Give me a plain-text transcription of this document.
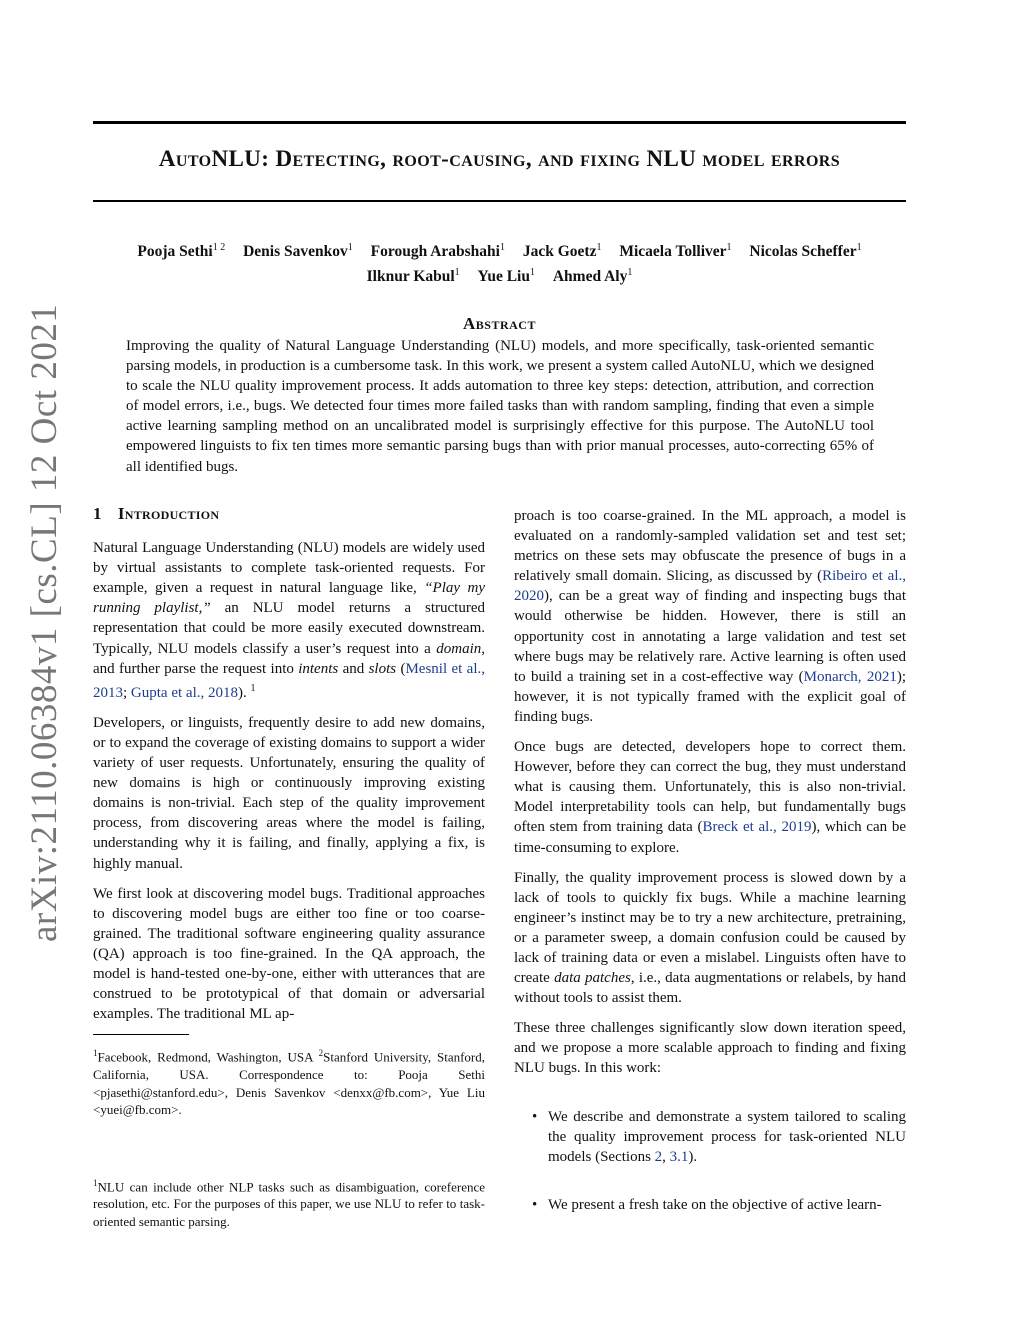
arXiv:2110.06384v1 [cs.CL] 12 Oct 2021
AutoNLU: Detecting, root-causing, and fixing NLU model errors
Pooja Sethi$^{1 2}$ Denis Savenkov$^1$ Forough Arabshahi$^1$ Jack Goetz$^1$ Micaela Tolliver$^1$ Nicolas Scheffer$^1$
Ilknur Kabul$^1$ Yue Liu$^1$ Ahmed Aly$^1$
Abstract
Improving the quality of Natural Language Understanding (NLU) models, and more specifically, task-oriented semantic parsing models, in production is a cumbersome task. In this work, we present a system called AutoNLU, which we designed to scale the NLU quality improvement process. It adds automation to three key steps: detection, attribution, and correction of model errors, i.e., bugs. We detected four times more failed tasks than with random sampling, finding that even a simple active learning sampling method on an uncalibrated model is surprisingly effective for this purpose. The AutoNLU tool empowered linguists to fix ten times more semantic parsing bugs than with prior manual processes, auto-correcting 65% of all identified bugs.
1 Introduction

Natural Language Understanding (NLU) models are widely used by virtual assistants to complete task-oriented requests. For example, given a request in natural language like, “Play my running playlist,” an NLU model returns a structured representation that could be more easily executed downstream. Typically, NLU models classify a user’s request into a domain, and further parse the request into intents and slots (Mesnil et al., 2013; Gupta et al., 2018). $^1$

Developers, or linguists, frequently desire to add new domains, or to expand the coverage of existing domains to support a wider variety of user requests. Unfortunately, ensuring the quality of new domains is high or continuously improving existing domains is non-trivial. Each step of the quality improvement process, from discovering areas where the model is failing, understanding why it is failing, and finally, applying a fix, is highly manual.

We first look at discovering model bugs. Traditional approaches to discovering model bugs are either too fine or too coarse-grained. The traditional software engineering quality assurance (QA) approach is too fine-grained. In the QA approach, the model is hand-tested one-by-one, either with utterances that are construed to be prototypical of that domain or adversarial examples. The traditional ML ap-

$^1$Facebook, Redmond, Washington, USA $^2$Stanford University, Stanford, California, USA. Correspondence to: Pooja Sethi <pjasethi@stanford.edu>, Denis Savenkov <denxx@fb.com>, Yue Liu <yuei@fb.com>.

$^1$NLU can include other NLP tasks such as disambiguation, coreference resolution, etc. For the purposes of this paper, we use NLU to refer to task-oriented semantic parsing.

proach is too coarse-grained. In the ML approach, a model is evaluated on a randomly-sampled validation set and test set; metrics on these sets may obfuscate the presence of bugs in a relatively small domain. Slicing, as discussed by (Ribeiro et al., 2020), can be a great way of finding and inspecting bugs that would otherwise be hidden. However, there is still an opportunity cost in annotating a large validation and test set where bugs may be relatively rare. Active learning is often used to build a training set in a cost-effective way (Monarch, 2021); however, it is not typically framed with the explicit goal of finding bugs.

Once bugs are detected, developers hope to correct them. However, before they can correct the bug, they must understand what is causing them. Unfortunately, this is also non-trivial. Model interpretability tools can help, but fundamentally bugs often stem from training data (Breck et al., 2019), which can be time-consuming to explore.

Finally, the quality improvement process is slowed down by a lack of tools to quickly fix bugs. While a machine learning engineer’s instinct may be to try a new architecture, pretraining, or a parameter sweep, a domain confusion could be caused by lack of training data or even a mislabel. Linguists often have to create data patches, i.e., data augmentations or relabels, by hand without tools to assist them.

These three challenges significantly slow down iteration speed, and we propose a more scalable approach to finding and fixing NLU bugs. In this work:

• We describe and demonstrate a system tailored to scaling the quality improvement process for task-oriented NLU models (Sections 2, 3.1).
• We present a fresh take on the objective of active learn-
